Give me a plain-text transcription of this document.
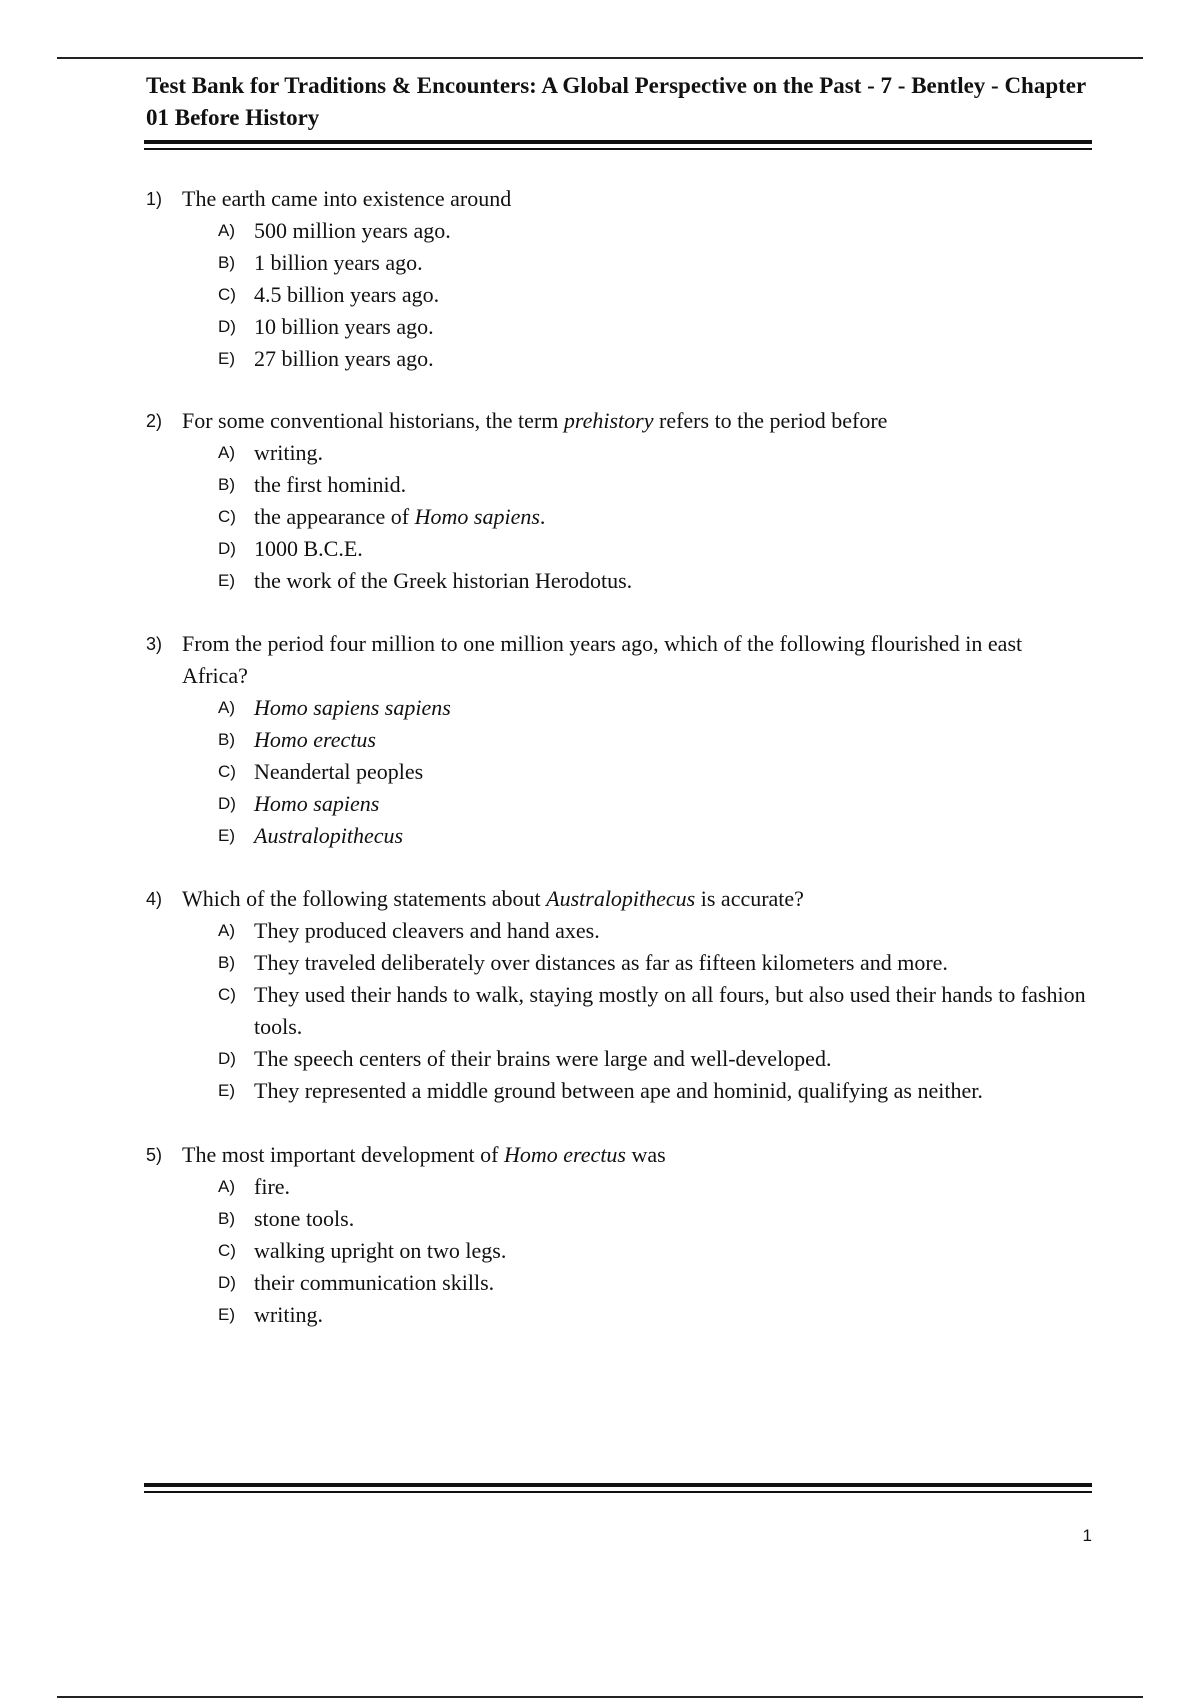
Test Bank for Traditions & Encounters: A Global Perspective on the Past - 7 - Bentley - Chapter 01 Before History
1) The earth came into existence around
A) 500 million years ago.
B) 1 billion years ago.
C) 4.5 billion years ago.
D) 10 billion years ago.
E) 27 billion years ago.
2) For some conventional historians, the term prehistory refers to the period before
A) writing.
B) the first hominid.
C) the appearance of Homo sapiens.
D) 1000 B.C.E.
E) the work of the Greek historian Herodotus.
3) From the period four million to one million years ago, which of the following flourished in east Africa?
A) Homo sapiens sapiens
B) Homo erectus
C) Neandertal peoples
D) Homo sapiens
E) Australopithecus
4) Which of the following statements about Australopithecus is accurate?
A) They produced cleavers and hand axes.
B) They traveled deliberately over distances as far as fifteen kilometers and more.
C) They used their hands to walk, staying mostly on all fours, but also used their hands to fashion tools.
D) The speech centers of their brains were large and well-developed.
E) They represented a middle ground between ape and hominid, qualifying as neither.
5) The most important development of Homo erectus was
A) fire.
B) stone tools.
C) walking upright on two legs.
D) their communication skills.
E) writing.
1
